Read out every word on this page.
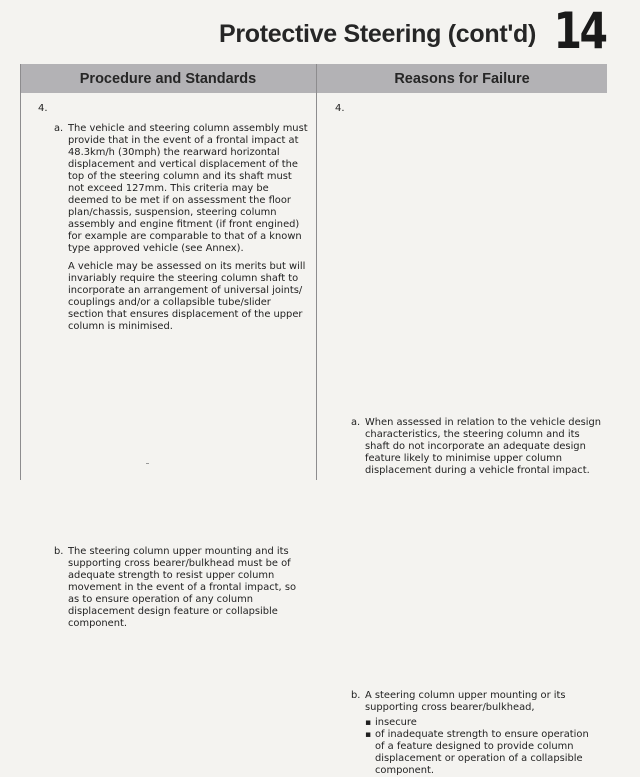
Protective Steering (cont'd) 14
Procedure and Standards	Reasons for Failure
4.
a. The vehicle and steering column assembly must
provide that in the event of a frontal impact at
48.3km/h (30mph) the rearward horizontal
displacement and vertical displacement of the
top of the steering column and its shaft must
not exceed 127mm. This criteria may be
deemed to be met if on assessment the floor
plan/chassis, suspension, steering column
assembly and engine fitment (if front engined)
for example are comparable to that of a known
type approved vehicle (see Annex).
A vehicle may be assessed on its merits but will
invariably require the steering column shaft to
incorporate an arrangement of universal joints/
couplings and/or a collapsible tube/slider
section that ensures displacement of the upper
column is minimised.
b. The steering column upper mounting and its
supporting cross bearer/bulkhead must be of
adequate strength to resist upper column
movement in the event of a frontal impact, so
as to ensure operation of any column
displacement design feature or collapsible
component.
4.
a. When assessed in relation to the vehicle design
characteristics, the steering column and its
shaft do not incorporate an adequate design
feature likely to minimise upper column
displacement during a vehicle frontal impact.
b. A steering column upper mounting or its
supporting cross bearer/bulkhead,
▪ insecure
▪ of inadequate strength to ensure operation
of a feature designed to provide column
displacement or operation of a collapsible
component.
